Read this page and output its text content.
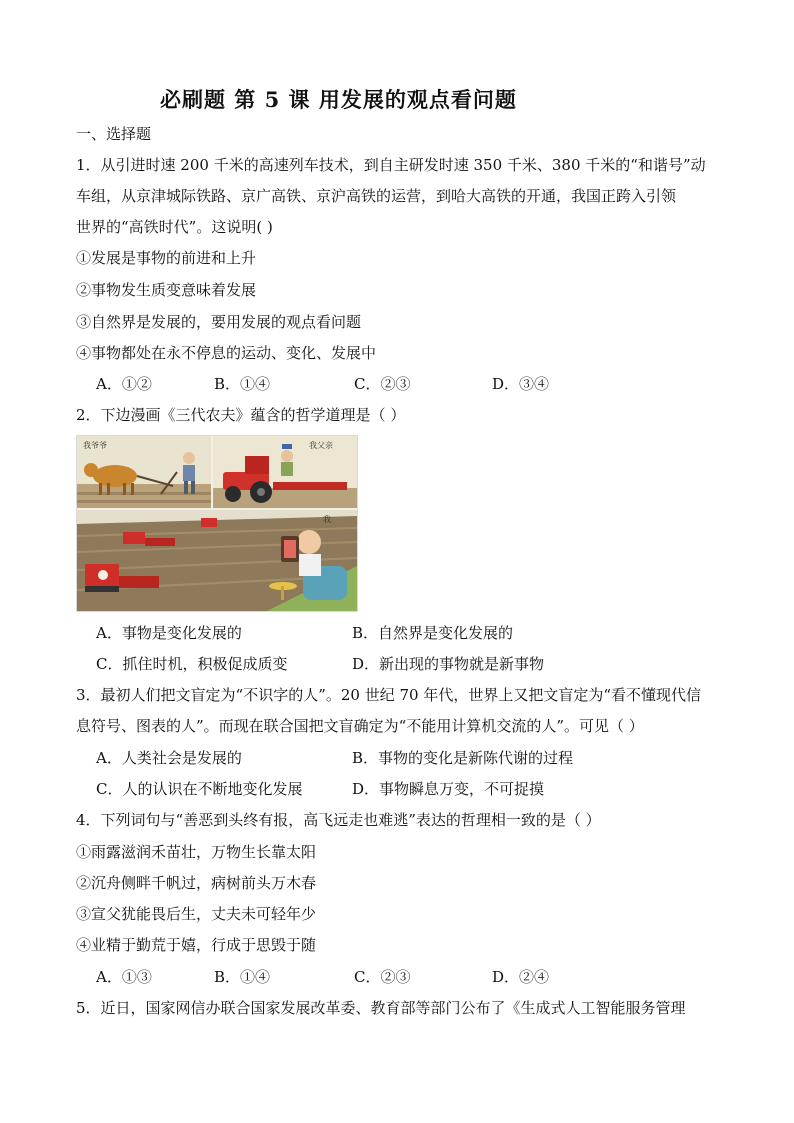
必刷题 第 5 课 用发展的观点看问题
一、选择题
1．从引进时速 200 千米的高速列车技术，到自主研发时速 350 千米、380 千米的“和谐号”动
车组，从京津城际铁路、京广高铁、京沪高铁的运营，到哈大高铁的开通，我国正跨入引领
世界的“高铁时代”。这说明( )
①发展是事物的前进和上升
②事物发生质变意味着发展
③自然界是发展的，要用发展的观点看问题
④事物都处在永不停息的运动、变化、发展中
A．①②	B．①④	C．②③	D．③④
2．下边漫画《三代农夫》蕴含的哲学道理是（ ）
我爷爷	我父亲
我
A．事物是变化发展的	B．自然界是变化发展的
C．抓住时机，积极促成质变	D．新出现的事物就是新事物
3．最初人们把文盲定为“不识字的人”。20 世纪 70 年代，世界上又把文盲定为“看不懂现代信
息符号、图表的人”。而现在联合国把文盲确定为“不能用计算机交流的人”。可见（ ）
A．人类社会是发展的	B．事物的变化是新陈代谢的过程
C．人的认识在不断地变化发展	D．事物瞬息万变，不可捉摸
4．下列词句与“善恶到头终有报，高飞远走也难逃”表达的哲理相一致的是（ ）
①雨露滋润禾苗壮，万物生长靠太阳
②沉舟侧畔千帆过，病树前头万木春
③宣父犹能畏后生，丈夫未可轻年少
④业精于勤荒于嬉，行成于思毁于随
A．①③	B．①④	C．②③	D．②④
5．近日，国家网信办联合国家发展改革委、教育部等部门公布了《生成式人工智能服务管理
